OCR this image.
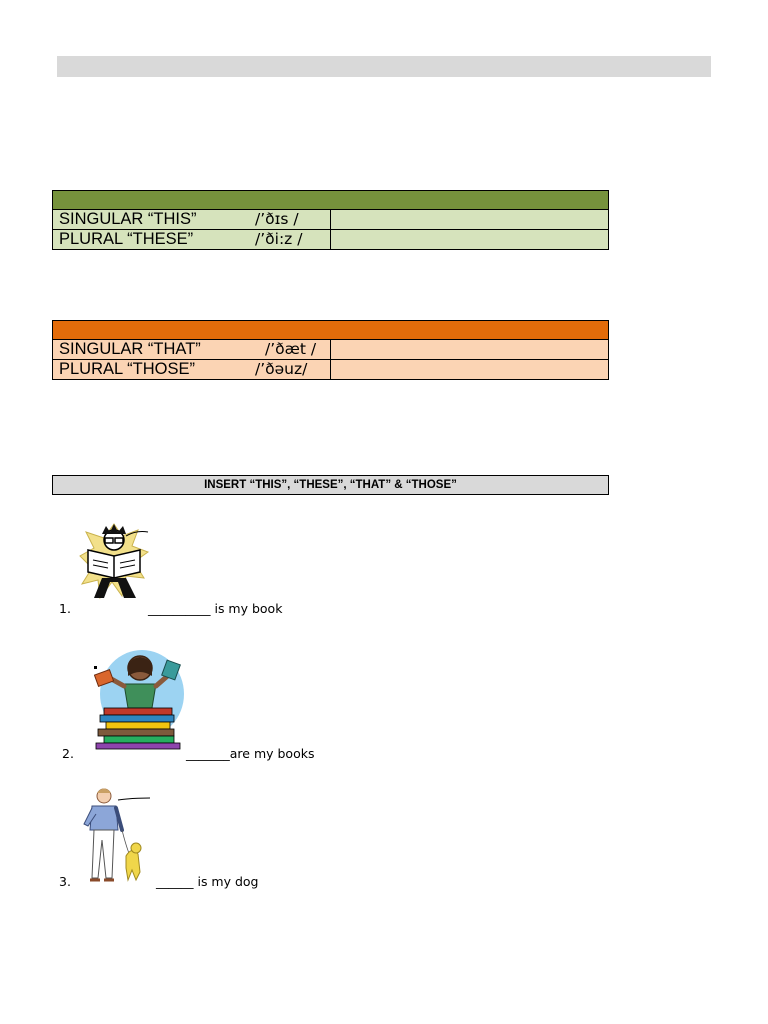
SINGULAR “THIS” /’ðɪs /	
PLURAL “THESE” /’ði:z /	

SINGULAR “THAT” /’ðæt /	
PLURAL “THOSE” /’ðəuz/	
INSERT “THIS”, “THESE”, “THAT” & “THOSE”
1.	__________ is my book
2.	_______are my books
3.	______ is my dog
